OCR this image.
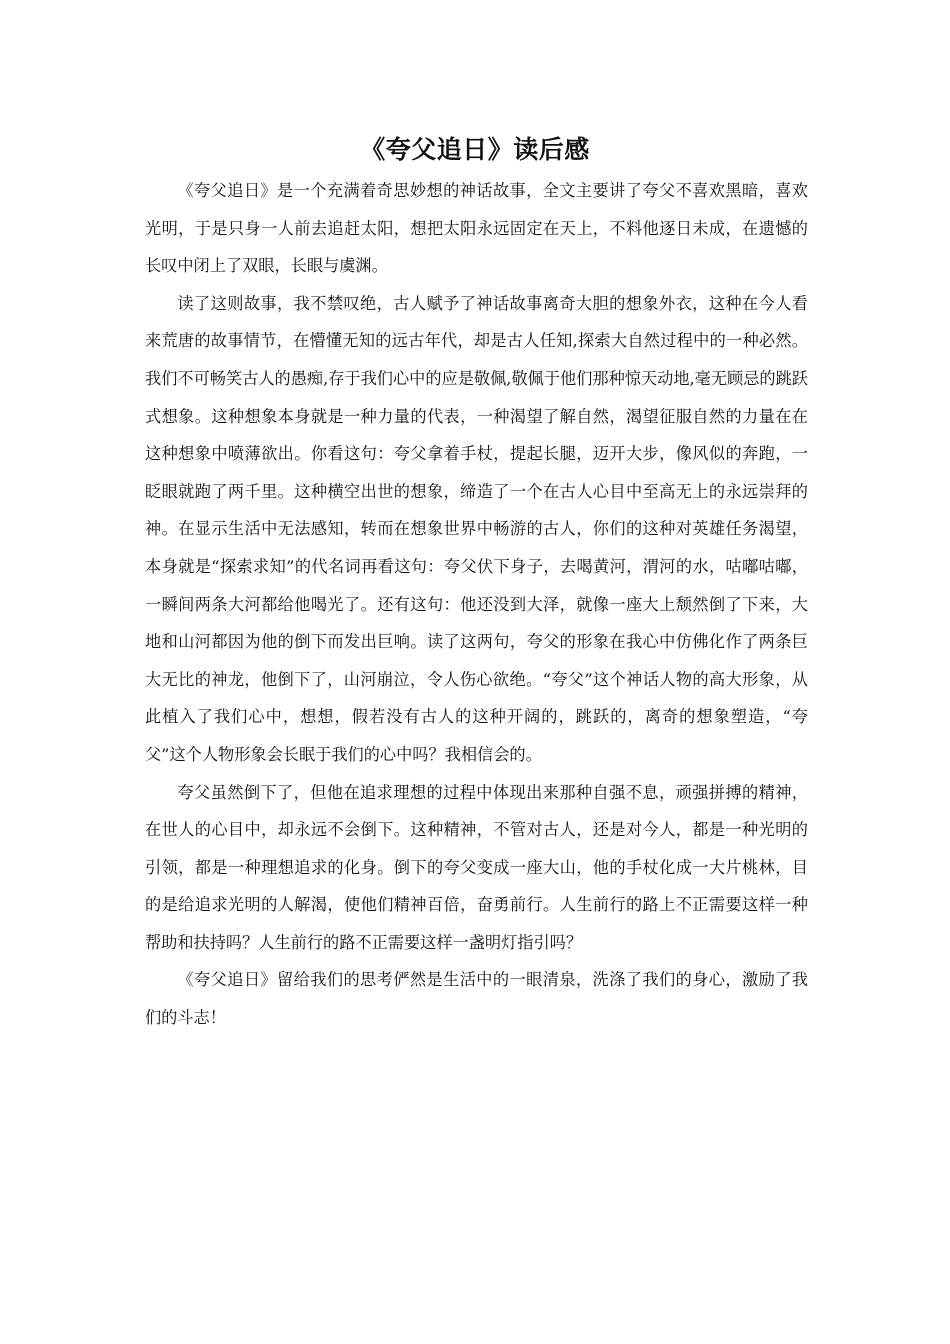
《夸父追日》读后感

《夸父追日》是一个充满着奇思妙想的神话故事，全文主要讲了夸父不喜欢黑暗，喜欢光明，于是只身一人前去追赶太阳，想把太阳永远固定在天上，不料他逐日未成，在遗憾的长叹中闭上了双眼，长眼与虞渊。

读了这则故事，我不禁叹绝，古人赋予了神话故事离奇大胆的想象外衣，这种在今人看来荒唐的故事情节，在懵懂无知的远古年代，却是古人任知,探索大自然过程中的一种必然。我们不可畅笑古人的愚痴,存于我们心中的应是敬佩,敬佩于他们那种惊天动地,毫无顾忌的跳跃式想象。这种想象本身就是一种力量的代表，一种渴望了解自然，渴望征服自然的力量在在这种想象中喷薄欲出。你看这句：夸父拿着手杖，提起长腿，迈开大步，像风似的奔跑，一眨眼就跑了两千里。这种横空出世的想象，缔造了一个在古人心目中至高无上的永远崇拜的神。在显示生活中无法感知，转而在想象世界中畅游的古人，你们的这种对英雄任务渴望，本身就是“探索求知”的代名词再看这句：夸父伏下身子，去喝黄河，渭河的水，咕嘟咕嘟，一瞬间两条大河都给他喝光了。还有这句：他还没到大泽，就像一座大上颓然倒了下来，大地和山河都因为他的倒下而发出巨响。读了这两句，夸父的形象在我心中仿佛化作了两条巨大无比的神龙，他倒下了，山河崩泣，令人伤心欲绝。“夸父”这个神话人物的高大形象，从此植入了我们心中，想想，假若没有古人的这种开阔的，跳跃的，离奇的想象塑造，“夸父”这个人物形象会长眠于我们的心中吗？我相信会的。

夸父虽然倒下了，但他在追求理想的过程中体现出来那种自强不息，顽强拼搏的精神，在世人的心目中，却永远不会倒下。这种精神，不管对古人，还是对今人，都是一种光明的引领，都是一种理想追求的化身。倒下的夸父变成一座大山，他的手杖化成一大片桃林，目的是给追求光明的人解渴，使他们精神百倍，奋勇前行。人生前行的路上不正需要这样一种帮助和扶持吗？人生前行的路不正需要这样一盏明灯指引吗？

《夸父追日》留给我们的思考俨然是生活中的一眼清泉，洗涤了我们的身心，激励了我们的斗志！
